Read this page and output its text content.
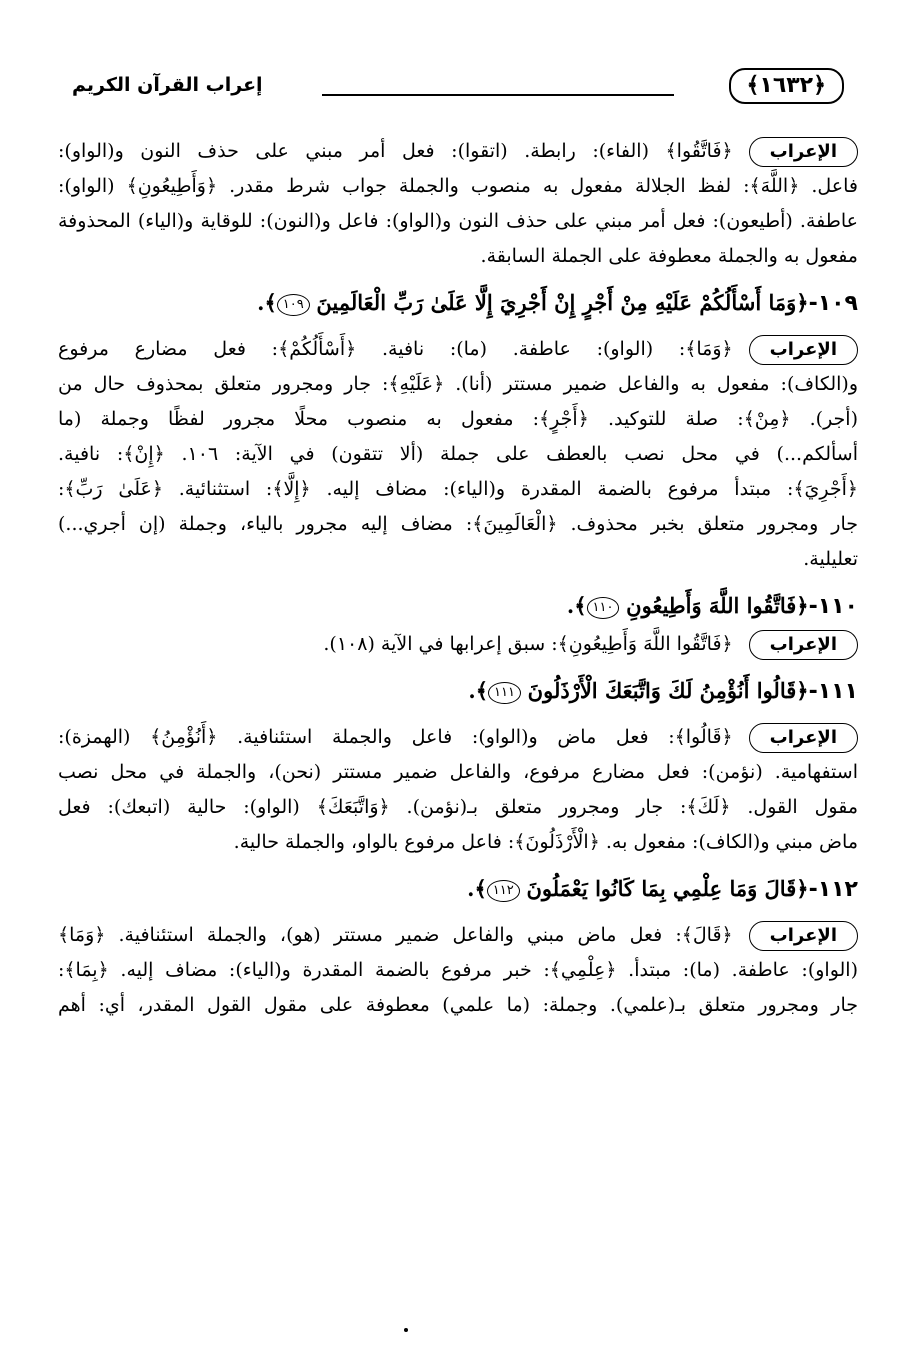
﴿١٦٣٢﴾
إعراب القرآن الكريم
الإعراب﴿فَاتَّقُوا﴾ (الفاء): رابطة. (اتقوا): فعل أمر مبني على حذف النون و(الواو):
فاعل. ﴿اللَّهَ﴾: لفظ الجلالة مفعول به منصوب والجملة جواب شرط مقدر. ﴿وَأَطِيعُونِ﴾ (الواو):
عاطفة. (أطيعون): فعل أمر مبني على حذف النون و(الواو): فاعل و(النون): للوقاية و(الياء) المحذوفة
مفعول به والجملة معطوفة على الجملة السابقة.
١٠٩-﴿وَمَا أَسْأَلُكُمْ عَلَيْهِ مِنْ أَجْرٍ إِنْ أَجْرِيَ إِلَّا عَلَىٰ رَبِّ الْعَالَمِينَ ١٠٩﴾.
الإعراب﴿وَمَا﴾: (الواو): عاطفة. (ما): نافية. ﴿أَسْأَلُكُمْ﴾: فعل مضارع مرفوع
و(الكاف): مفعول به والفاعل ضمير مستتر (أنا). ﴿عَلَيْهِ﴾: جار ومجرور متعلق بمحذوف حال من
(أجر). ﴿مِنْ﴾: صلة للتوكيد. ﴿أَجْرٍ﴾: مفعول به منصوب محلًا مجرور لفظًا وجملة (ما
أسألكم...) في محل نصب بالعطف على جملة (ألا تتقون) في الآية: ١٠٦. ﴿إِنْ﴾: نافية.
﴿أَجْرِيَ﴾: مبتدأ مرفوع بالضمة المقدرة و(الياء): مضاف إليه. ﴿إِلَّا﴾: استثنائية. ﴿عَلَىٰ رَبِّ﴾:
جار ومجرور متعلق بخبر محذوف. ﴿الْعَالَمِينَ﴾: مضاف إليه مجرور بالياء، وجملة (إن أجري...)
تعليلية.
١١٠-﴿فَاتَّقُوا اللَّهَ وَأَطِيعُونِ ١١٠﴾.
الإعراب﴿فَاتَّقُوا اللَّهَ وَأَطِيعُونِ﴾: سبق إعرابها في الآية (١٠٨).
١١١-﴿قَالُوا أَنُؤْمِنُ لَكَ وَاتَّبَعَكَ الْأَرْذَلُونَ ١١١﴾.
الإعراب﴿قَالُوا﴾: فعل ماض و(الواو): فاعل والجملة استئنافية. ﴿أَنُؤْمِنُ﴾ (الهمزة):
استفهامية. (نؤمن): فعل مضارع مرفوع، والفاعل ضمير مستتر (نحن)، والجملة في محل نصب
مقول القول. ﴿لَكَ﴾: جار ومجرور متعلق بـ(نؤمن). ﴿وَاتَّبَعَكَ﴾ (الواو): حالية (اتبعك): فعل
ماض مبني و(الكاف): مفعول به. ﴿الْأَرْذَلُونَ﴾: فاعل مرفوع بالواو، والجملة حالية.
١١٢-﴿قَالَ وَمَا عِلْمِي بِمَا كَانُوا يَعْمَلُونَ ١١٢﴾.
الإعراب﴿قَالَ﴾: فعل ماض مبني والفاعل ضمير مستتر (هو)، والجملة استئنافية. ﴿وَمَا﴾
(الواو): عاطفة. (ما): مبتدأ. ﴿عِلْمِي﴾: خبر مرفوع بالضمة المقدرة و(الياء): مضاف إليه. ﴿بِمَا﴾:
جار ومجرور متعلق بـ(علمي). وجملة: (ما علمي) معطوفة على مقول القول المقدر، أي: أهم
